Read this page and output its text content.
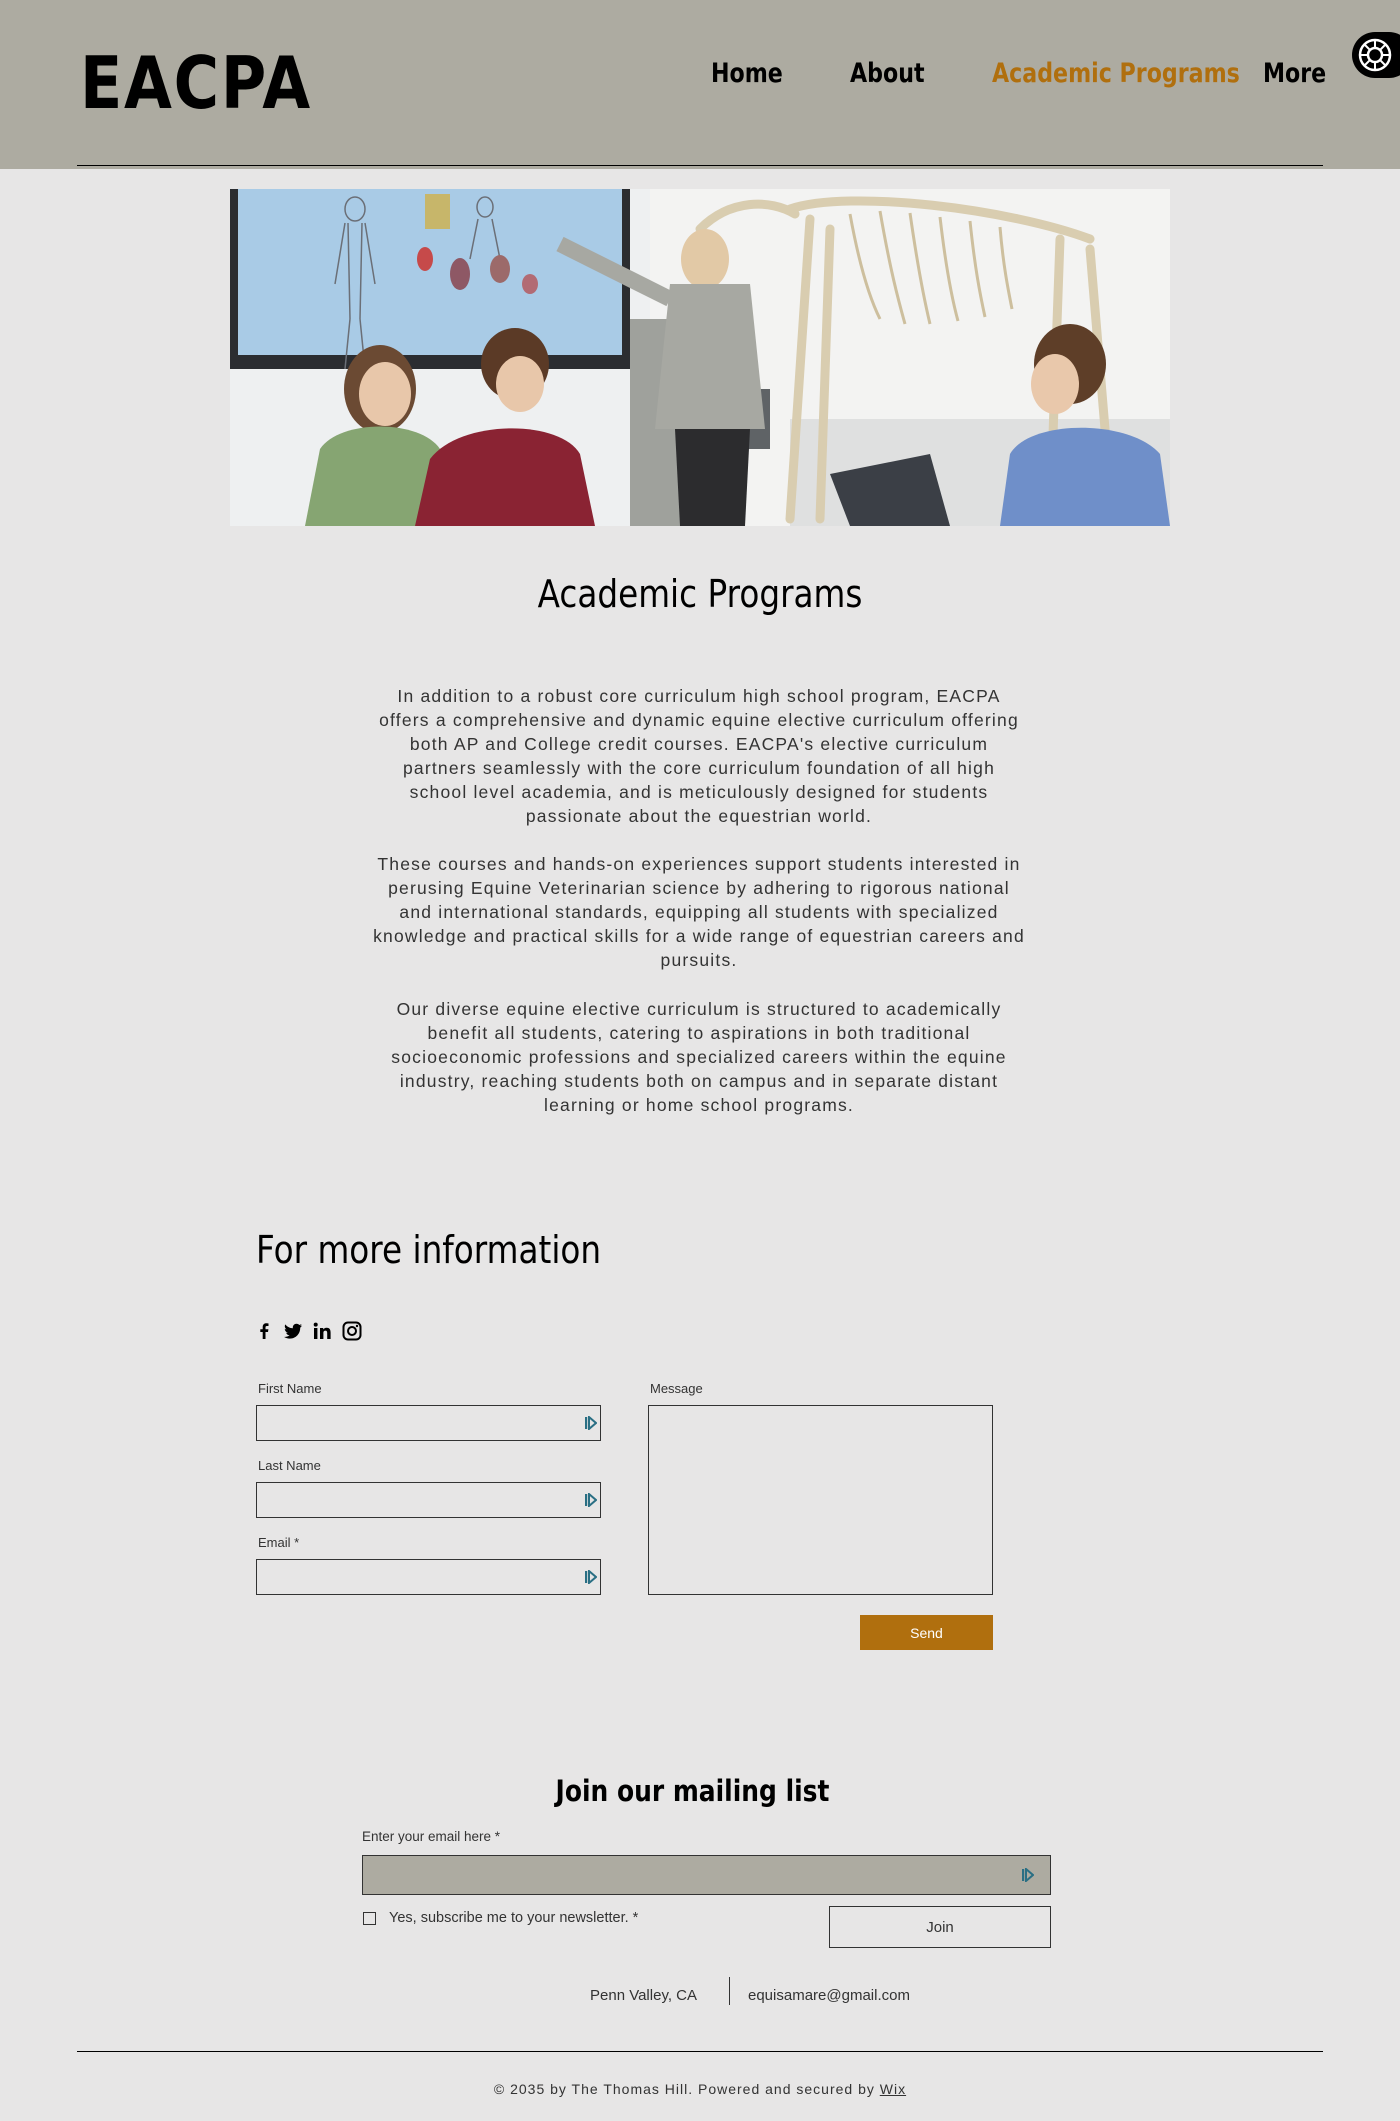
EACPA	Home About Academic Programs More
Academic Programs

In addition to a robust core curriculum high school program, EACPA offers a comprehensive and dynamic equine elective curriculum offering both AP and College credit courses. EACPA's elective curriculum partners seamlessly with the core curriculum foundation of all high school level academia, and is meticulously designed for students passionate about the equestrian world.

These courses and hands-on experiences support students interested in perusing Equine Veterinarian science by adhering to rigorous national and international standards, equipping all students with specialized knowledge and practical skills for a wide range of equestrian careers and pursuits.

Our diverse equine elective curriculum is structured to academically benefit all students, catering to aspirations in both traditional socioeconomic professions and specialized careers within the equine industry, reaching students both on campus and in separate distant learning or home school programs.

For more information
First Name
Last Name
Email *
Message
Send
Join our mailing list
Enter your email here *
Yes, subscribe me to your newsletter. *
Join
Penn Valley, CA	equisamare@gmail.com
© 2035 by The Thomas Hill. Powered and secured by Wix
